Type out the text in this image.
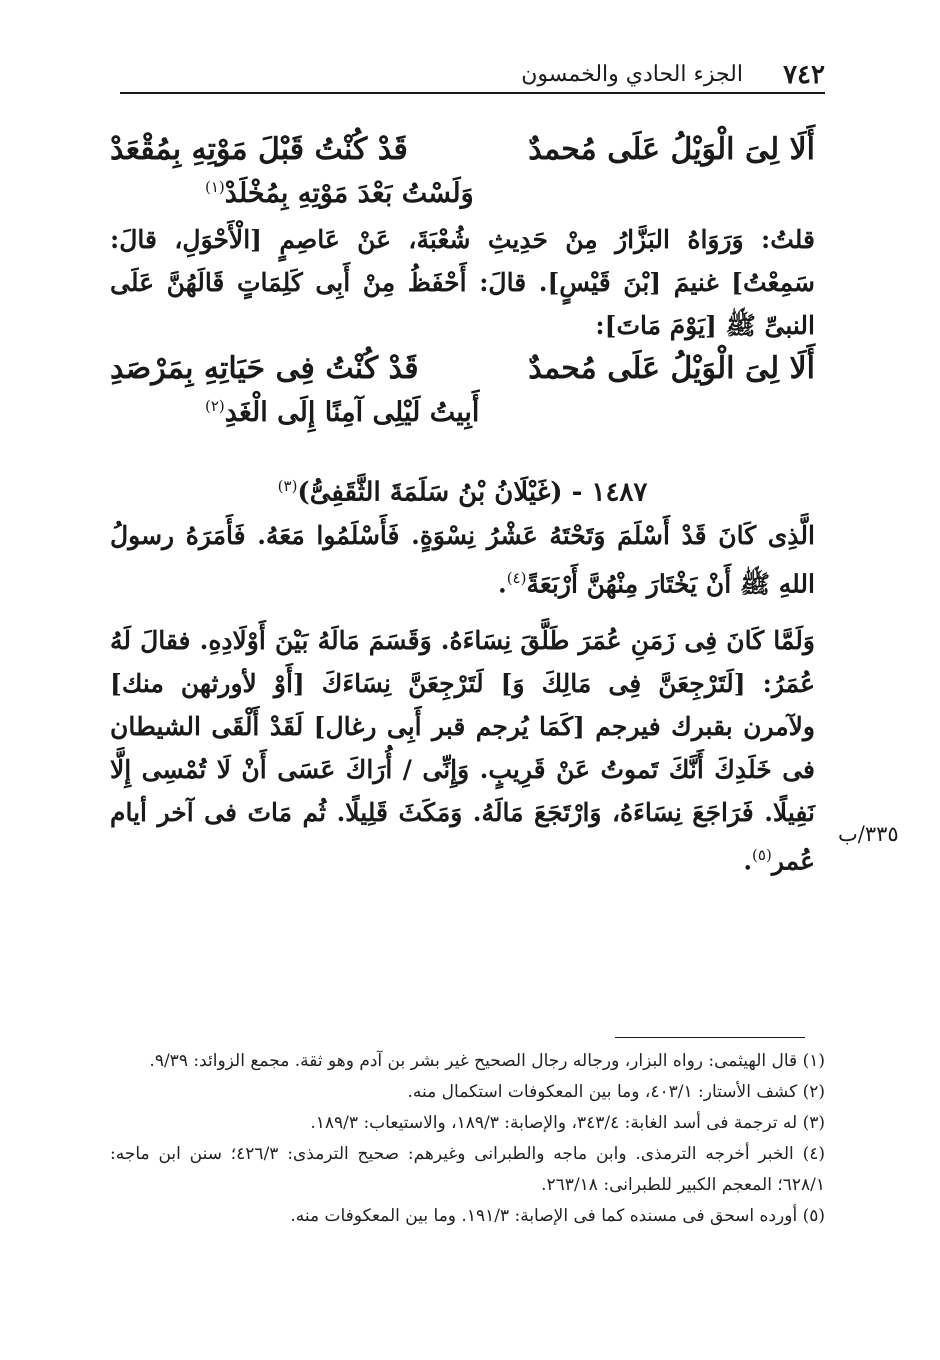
٧٤٢
الجزء الحادي والخمسون
أَلَا لِىَ الْوَيْلُ عَلَى مُحمدٌ
قَدْ كُنْتُ قَبْلَ مَوْتِهِ بِمُقْعَدْ
وَلَسْتُ بَعْدَ مَوْتِهِ بِمُخْلَدْ$^{(١)}$

قلتُ: وَرَوَاهُ البَزَّارُ مِنْ حَدِيثِ شُعْبَةَ، عَنْ عَاصِمٍ [الْأَحْوَلِ، قالَ: سَمِعْتُ] غنيمَ [بْنَ قَيْسٍ]. قالَ: أَحْفَظُ مِنْ أَبِى كَلِمَاتٍ قَالَهُنَّ عَلَى النبىِّ ﷺ [يَوْمَ مَاتَ]:

أَلَا لِىَ الْوَيْلُ عَلَى مُحمدٌ
قَدْ كُنْتُ فِى حَيَاتِهِ بِمَرْصَدِ
أَبِيتُ لَيْلِى آمِنًا إِلَى الْغَدِ$^{(٢)}$
١٤٨٧ - (غَيْلَانُ بْنُ سَلَمَةَ الثَّقَفِىُّ)$^{(٣)}$

الَّذِى كَانَ قَدْ أَسْلَمَ وَتَحْتَهُ عَشْرُ نِسْوَةٍ. فَأَسْلَمُوا مَعَهُ. فَأَمَرَهُ رسولُ اللهِ ﷺ أَنْ يَخْتَارَ مِنْهُنَّ أَرْبَعَةً$^{(٤)}$.

وَلَمَّا كَانَ فِى زَمَنِ عُمَرَ طَلَّقَ نِسَاءَهُ. وَقَسَمَ مَالَهُ بَيْنَ أَوْلَادِهِ. فقالَ لَهُ عُمَرُ: [لَتَرْجِعَنَّ فِى مَالِكَ وَ] لَتَرْجِعَنَّ نِسَاءَكَ [أَوْ لأورثهن منك] ولآمرن بقبرك فيرجم [كَمَا يُرجم قبر أَبِى رغال] لَقَدْ أَلْقَى الشيطان فى خَلَدِكَ أَنَّكَ تَموتُ عَنْ قَرِيبٍ. وَإِنِّى / أُرَاكَ عَسَى أَنْ لَا تُمْسِى إِلَّا نَفِيلًا. فَرَاجَعَ نِسَاءَهُ، وَارْتَجَعَ مَالَهُ. وَمَكَثَ قَلِيلًا. ثُم مَاتَ فى آخر أيام عُمر$^{(٥)}$.

٣٣٥/ب

(١) قال الهيثمى: رواه البزار، ورجاله رجال الصحيح غير بشر بن آدم وهو ثقة. مجمع الزوائد: ٩/٣٩.

(٢) كشف الأستار: ٤٠٣/١، وما بين المعكوفات استكمال منه.

(٣) له ترجمة فى أسد الغابة: ٣٤٣/٤، والإصابة: ١٨٩/٣، والاستيعاب: ١٨٩/٣.

(٤) الخبر أخرجه الترمذى. وابن ماجه والطبرانى وغيرهم: صحيح الترمذى: ٤٢٦/٣؛ سنن ابن ماجه: ٦٢٨/١؛ المعجم الكبير للطبرانى: ٢٦٣/١٨.

(٥) أورده اسحق فى مسنده كما فى الإصابة: ١٩١/٣. وما بين المعكوفات منه.
